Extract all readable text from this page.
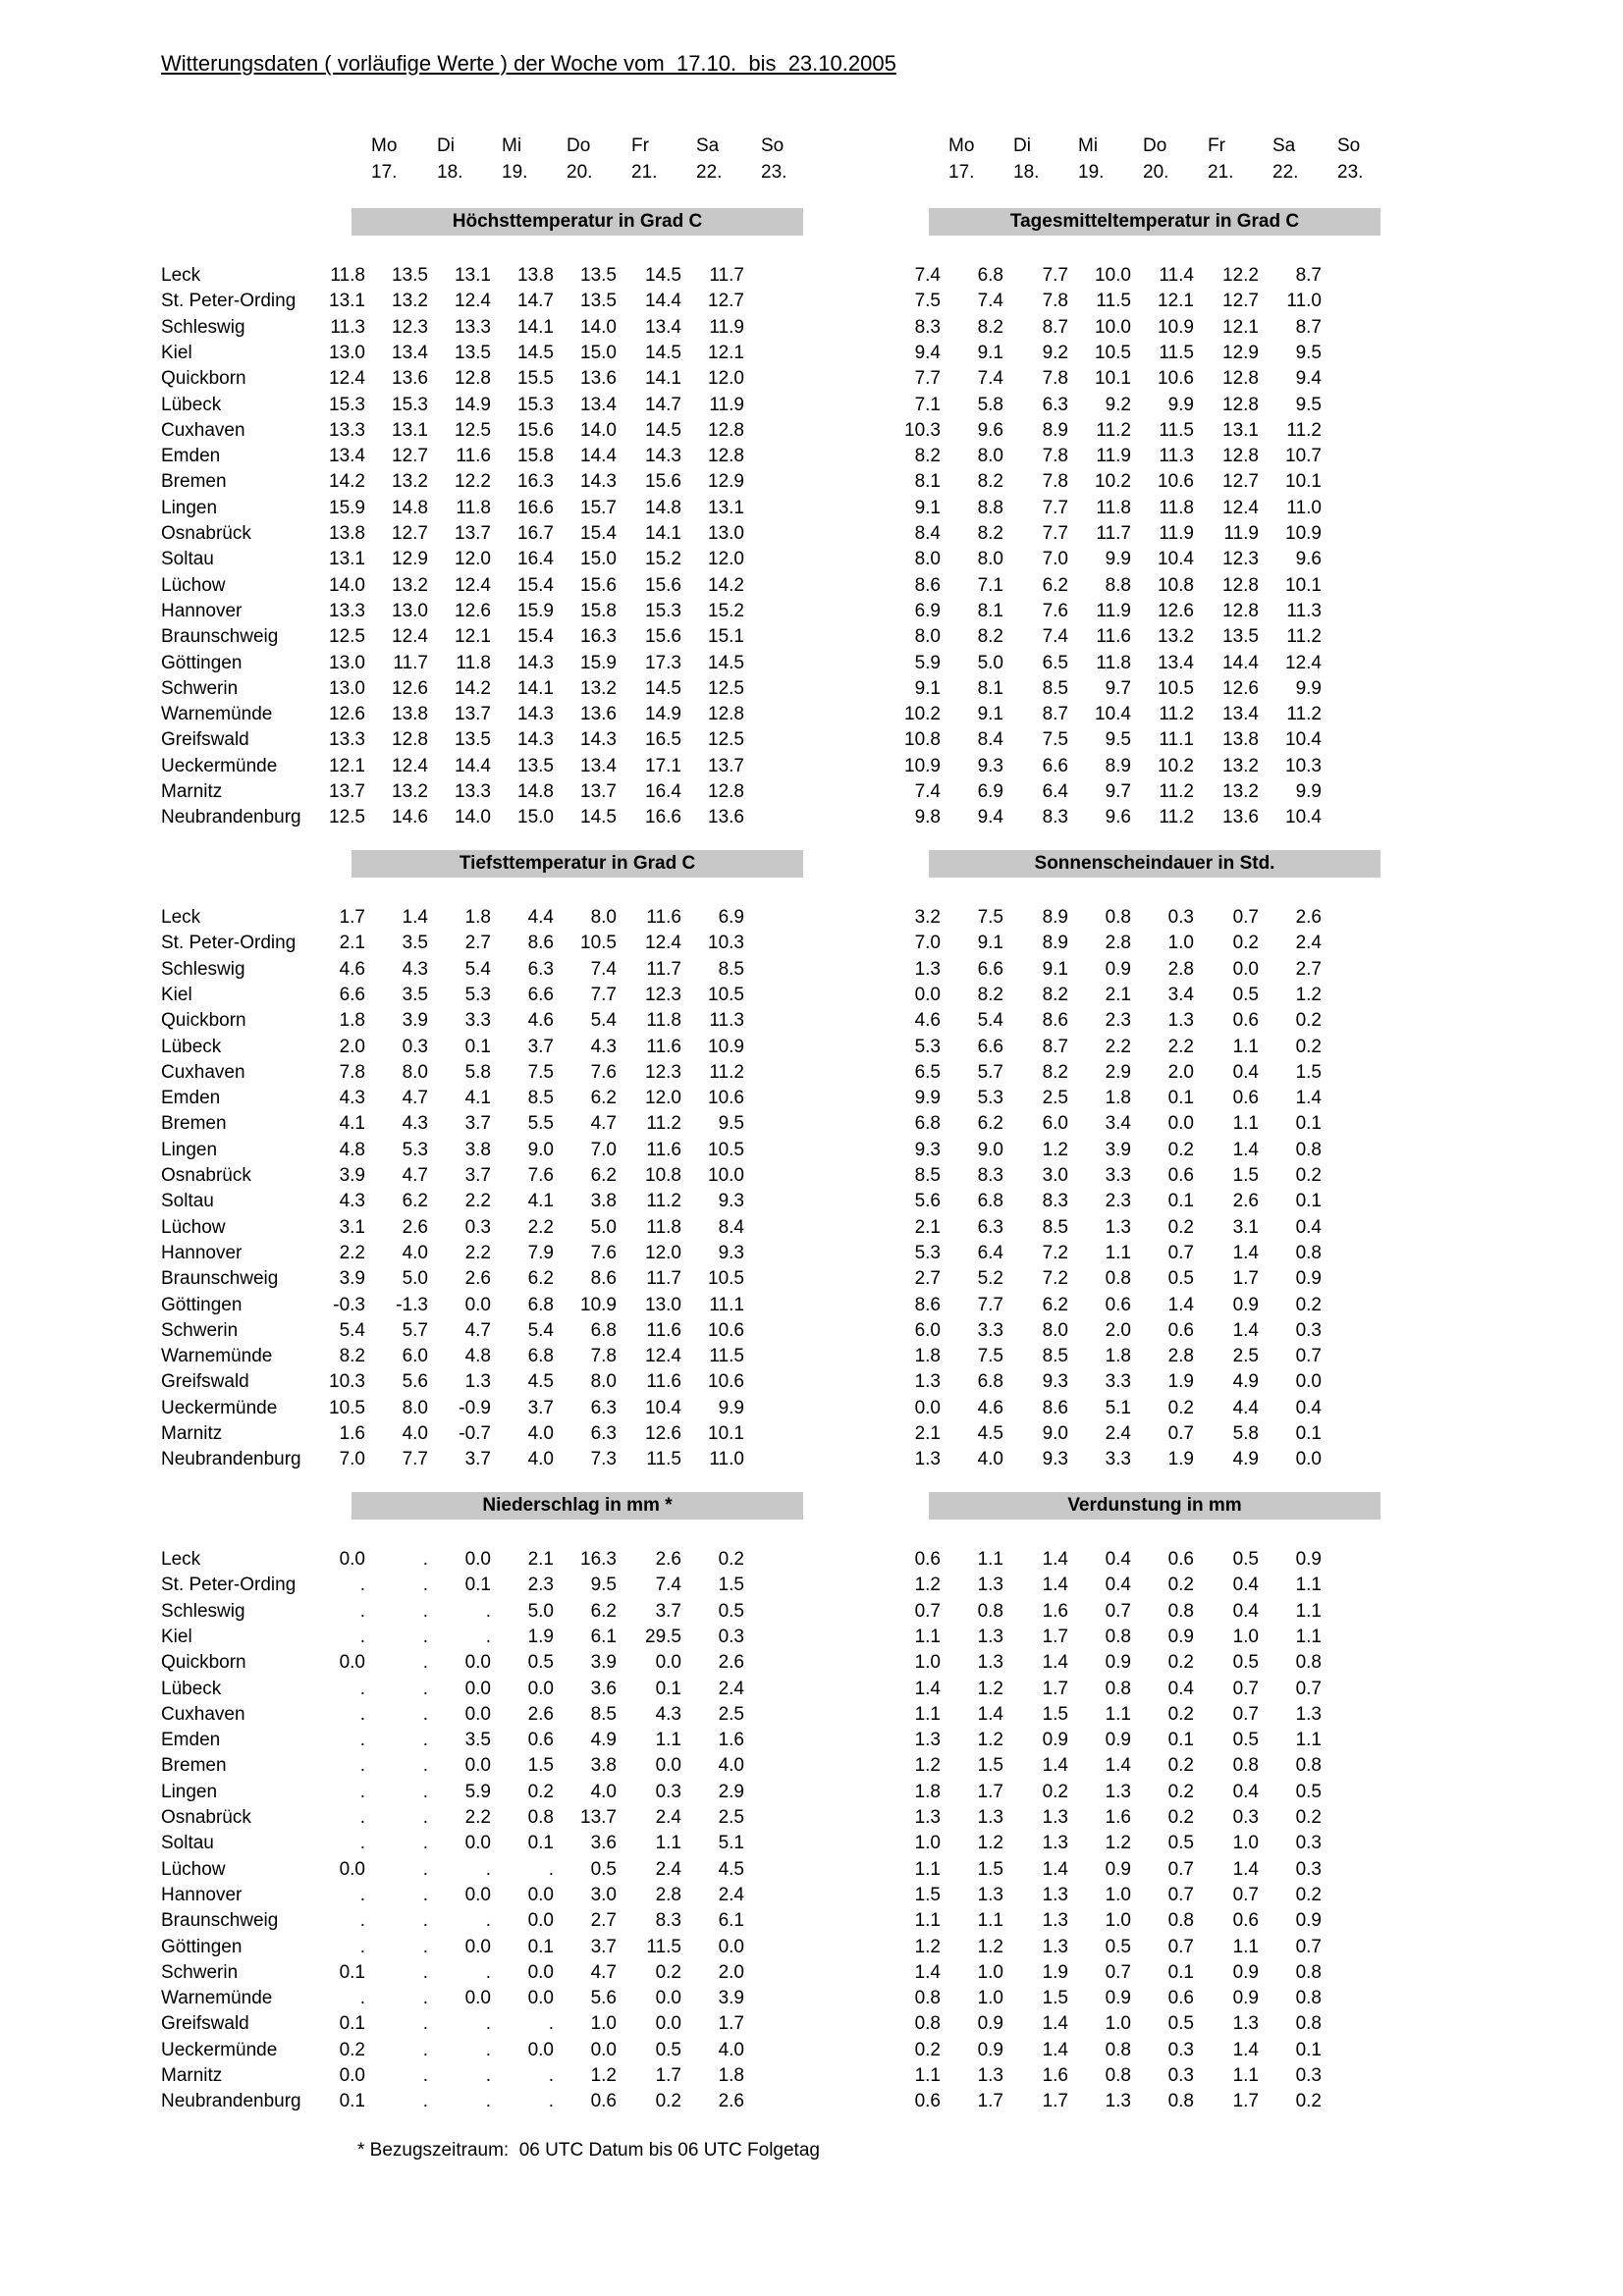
Witterungsdaten ( vorläufige Werte ) der Woche vom  17.10.  bis  23.10.2005
Mo Di	Mi Do Fr	Sa So
17. 18. 19. 20. 21. 22. 23.
Mo Di	Mi Do Fr	Sa So
17. 18. 19. 20. 21. 22. 23.
Höchsttemperatur in Grad C	Tagesmitteltemperatur in Grad C
Leck	11.8	13.5	13.1	13.8	13.5	14.5	11.7	7.4	6.8	7.7	10.0	11.4	12.2	8.7
St. Peter-Ording	13.1	13.2	12.4	14.7	13.5	14.4	12.7	7.5	7.4	7.8	11.5	12.1	12.7	11.0
Schleswig	11.3	12.3	13.3	14.1	14.0	13.4	11.9	8.3	8.2	8.7	10.0	10.9	12.1	8.7
Kiel	13.0	13.4	13.5	14.5	15.0	14.5	12.1	9.4	9.1	9.2	10.5	11.5	12.9	9.5
Quickborn	12.4	13.6	12.8	15.5	13.6	14.1	12.0	7.7	7.4	7.8	10.1	10.6	12.8	9.4
Lübeck	15.3	15.3	14.9	15.3	13.4	14.7	11.9	7.1	5.8	6.3	9.2	9.9	12.8	9.5
Cuxhaven	13.3	13.1	12.5	15.6	14.0	14.5	12.8	10.3	9.6	8.9	11.2	11.5	13.1	11.2
Emden	13.4	12.7	11.6	15.8	14.4	14.3	12.8	8.2	8.0	7.8	11.9	11.3	12.8	10.7
Bremen	14.2	13.2	12.2	16.3	14.3	15.6	12.9	8.1	8.2	7.8	10.2	10.6	12.7	10.1
Lingen	15.9	14.8	11.8	16.6	15.7	14.8	13.1	9.1	8.8	7.7	11.8	11.8	12.4	11.0
Osnabrück	13.8	12.7	13.7	16.7	15.4	14.1	13.0	8.4	8.2	7.7	11.7	11.9	11.9	10.9
Soltau	13.1	12.9	12.0	16.4	15.0	15.2	12.0	8.0	8.0	7.0	9.9	10.4	12.3	9.6
Lüchow	14.0	13.2	12.4	15.4	15.6	15.6	14.2	8.6	7.1	6.2	8.8	10.8	12.8	10.1
Hannover	13.3	13.0	12.6	15.9	15.8	15.3	15.2	6.9	8.1	7.6	11.9	12.6	12.8	11.3
Braunschweig	12.5	12.4	12.1	15.4	16.3	15.6	15.1	8.0	8.2	7.4	11.6	13.2	13.5	11.2
Göttingen	13.0	11.7	11.8	14.3	15.9	17.3	14.5	5.9	5.0	6.5	11.8	13.4	14.4	12.4
Schwerin	13.0	12.6	14.2	14.1	13.2	14.5	12.5	9.1	8.1	8.5	9.7	10.5	12.6	9.9
Warnemünde	12.6	13.8	13.7	14.3	13.6	14.9	12.8	10.2	9.1	8.7	10.4	11.2	13.4	11.2
Greifswald	13.3	12.8	13.5	14.3	14.3	16.5	12.5	10.8	8.4	7.5	9.5	11.1	13.8	10.4
Ueckermünde	12.1	12.4	14.4	13.5	13.4	17.1	13.7	10.9	9.3	6.6	8.9	10.2	13.2	10.3
Marnitz	13.7	13.2	13.3	14.8	13.7	16.4	12.8	7.4	6.9	6.4	9.7	11.2	13.2	9.9
Neubrandenburg	12.5	14.6	14.0	15.0	14.5	16.6	13.6	9.8	9.4	8.3	9.6	11.2	13.6	10.4
Tiefsttemperatur in Grad C	Sonnenscheindauer in Std.
Leck	1.7	1.4	1.8	4.4	8.0	11.6	6.9	3.2	7.5	8.9	0.8	0.3	0.7	2.6
St. Peter-Ording	2.1	3.5	2.7	8.6	10.5	12.4	10.3	7.0	9.1	8.9	2.8	1.0	0.2	2.4
Schleswig	4.6	4.3	5.4	6.3	7.4	11.7	8.5	1.3	6.6	9.1	0.9	2.8	0.0	2.7
Kiel	6.6	3.5	5.3	6.6	7.7	12.3	10.5	0.0	8.2	8.2	2.1	3.4	0.5	1.2
Quickborn	1.8	3.9	3.3	4.6	5.4	11.8	11.3	4.6	5.4	8.6	2.3	1.3	0.6	0.2
Lübeck	2.0	0.3	0.1	3.7	4.3	11.6	10.9	5.3	6.6	8.7	2.2	2.2	1.1	0.2
Cuxhaven	7.8	8.0	5.8	7.5	7.6	12.3	11.2	6.5	5.7	8.2	2.9	2.0	0.4	1.5
Emden	4.3	4.7	4.1	8.5	6.2	12.0	10.6	9.9	5.3	2.5	1.8	0.1	0.6	1.4
Bremen	4.1	4.3	3.7	5.5	4.7	11.2	9.5	6.8	6.2	6.0	3.4	0.0	1.1	0.1
Lingen	4.8	5.3	3.8	9.0	7.0	11.6	10.5	9.3	9.0	1.2	3.9	0.2	1.4	0.8
Osnabrück	3.9	4.7	3.7	7.6	6.2	10.8	10.0	8.5	8.3	3.0	3.3	0.6	1.5	0.2
Soltau	4.3	6.2	2.2	4.1	3.8	11.2	9.3	5.6	6.8	8.3	2.3	0.1	2.6	0.1
Lüchow	3.1	2.6	0.3	2.2	5.0	11.8	8.4	2.1	6.3	8.5	1.3	0.2	3.1	0.4
Hannover	2.2	4.0	2.2	7.9	7.6	12.0	9.3	5.3	6.4	7.2	1.1	0.7	1.4	0.8
Braunschweig	3.9	5.0	2.6	6.2	8.6	11.7	10.5	2.7	5.2	7.2	0.8	0.5	1.7	0.9
Göttingen	-0.3	-1.3	0.0	6.8	10.9	13.0	11.1	8.6	7.7	6.2	0.6	1.4	0.9	0.2
Schwerin	5.4	5.7	4.7	5.4	6.8	11.6	10.6	6.0	3.3	8.0	2.0	0.6	1.4	0.3
Warnemünde	8.2	6.0	4.8	6.8	7.8	12.4	11.5	1.8	7.5	8.5	1.8	2.8	2.5	0.7
Greifswald	10.3	5.6	1.3	4.5	8.0	11.6	10.6	1.3	6.8	9.3	3.3	1.9	4.9	0.0
Ueckermünde	10.5	8.0	-0.9	3.7	6.3	10.4	9.9	0.0	4.6	8.6	5.1	0.2	4.4	0.4
Marnitz	1.6	4.0	-0.7	4.0	6.3	12.6	10.1	2.1	4.5	9.0	2.4	0.7	5.8	0.1
Neubrandenburg	7.0	7.7	3.7	4.0	7.3	11.5	11.0	1.3	4.0	9.3	3.3	1.9	4.9	0.0
Niederschlag in mm *	Verdunstung in mm
Leck	0.0	.	0.0	2.1	16.3	2.6	0.2	0.6	1.1	1.4	0.4	0.6	0.5	0.9
St. Peter-Ording	.	.	0.1	2.3	9.5	7.4	1.5	1.2	1.3	1.4	0.4	0.2	0.4	1.1
Schleswig	.	.	.	5.0	6.2	3.7	0.5	0.7	0.8	1.6	0.7	0.8	0.4	1.1
Kiel	.	.	.	1.9	6.1	29.5	0.3	1.1	1.3	1.7	0.8	0.9	1.0	1.1
Quickborn	0.0	.	0.0	0.5	3.9	0.0	2.6	1.0	1.3	1.4	0.9	0.2	0.5	0.8
Lübeck	.	.	0.0	0.0	3.6	0.1	2.4	1.4	1.2	1.7	0.8	0.4	0.7	0.7
Cuxhaven	.	.	0.0	2.6	8.5	4.3	2.5	1.1	1.4	1.5	1.1	0.2	0.7	1.3
Emden	.	.	3.5	0.6	4.9	1.1	1.6	1.3	1.2	0.9	0.9	0.1	0.5	1.1
Bremen	.	.	0.0	1.5	3.8	0.0	4.0	1.2	1.5	1.4	1.4	0.2	0.8	0.8
Lingen	.	.	5.9	0.2	4.0	0.3	2.9	1.8	1.7	0.2	1.3	0.2	0.4	0.5
Osnabrück	.	.	2.2	0.8	13.7	2.4	2.5	1.3	1.3	1.3	1.6	0.2	0.3	0.2
Soltau	.	.	0.0	0.1	3.6	1.1	5.1	1.0	1.2	1.3	1.2	0.5	1.0	0.3
Lüchow	0.0	.	.	.	0.5	2.4	4.5	1.1	1.5	1.4	0.9	0.7	1.4	0.3
Hannover	.	.	0.0	0.0	3.0	2.8	2.4	1.5	1.3	1.3	1.0	0.7	0.7	0.2
Braunschweig	.	.	.	0.0	2.7	8.3	6.1	1.1	1.1	1.3	1.0	0.8	0.6	0.9
Göttingen	.	.	0.0	0.1	3.7	11.5	0.0	1.2	1.2	1.3	0.5	0.7	1.1	0.7
Schwerin	0.1	.	.	0.0	4.7	0.2	2.0	1.4	1.0	1.9	0.7	0.1	0.9	0.8
Warnemünde	.	.	0.0	0.0	5.6	0.0	3.9	0.8	1.0	1.5	0.9	0.6	0.9	0.8
Greifswald	0.1	.	.	.	1.0	0.0	1.7	0.8	0.9	1.4	1.0	0.5	1.3	0.8
Ueckermünde	0.2	.	.	0.0	0.0	0.5	4.0	0.2	0.9	1.4	0.8	0.3	1.4	0.1
Marnitz	0.0	.	.	.	1.2	1.7	1.8	1.1	1.3	1.6	0.8	0.3	1.1	0.3
Neubrandenburg	0.1	.	.	.	0.6	0.2	2.6	0.6	1.7	1.7	1.3	0.8	1.7	0.2
* Bezugszeitraum:  06 UTC Datum bis 06 UTC Folgetag
